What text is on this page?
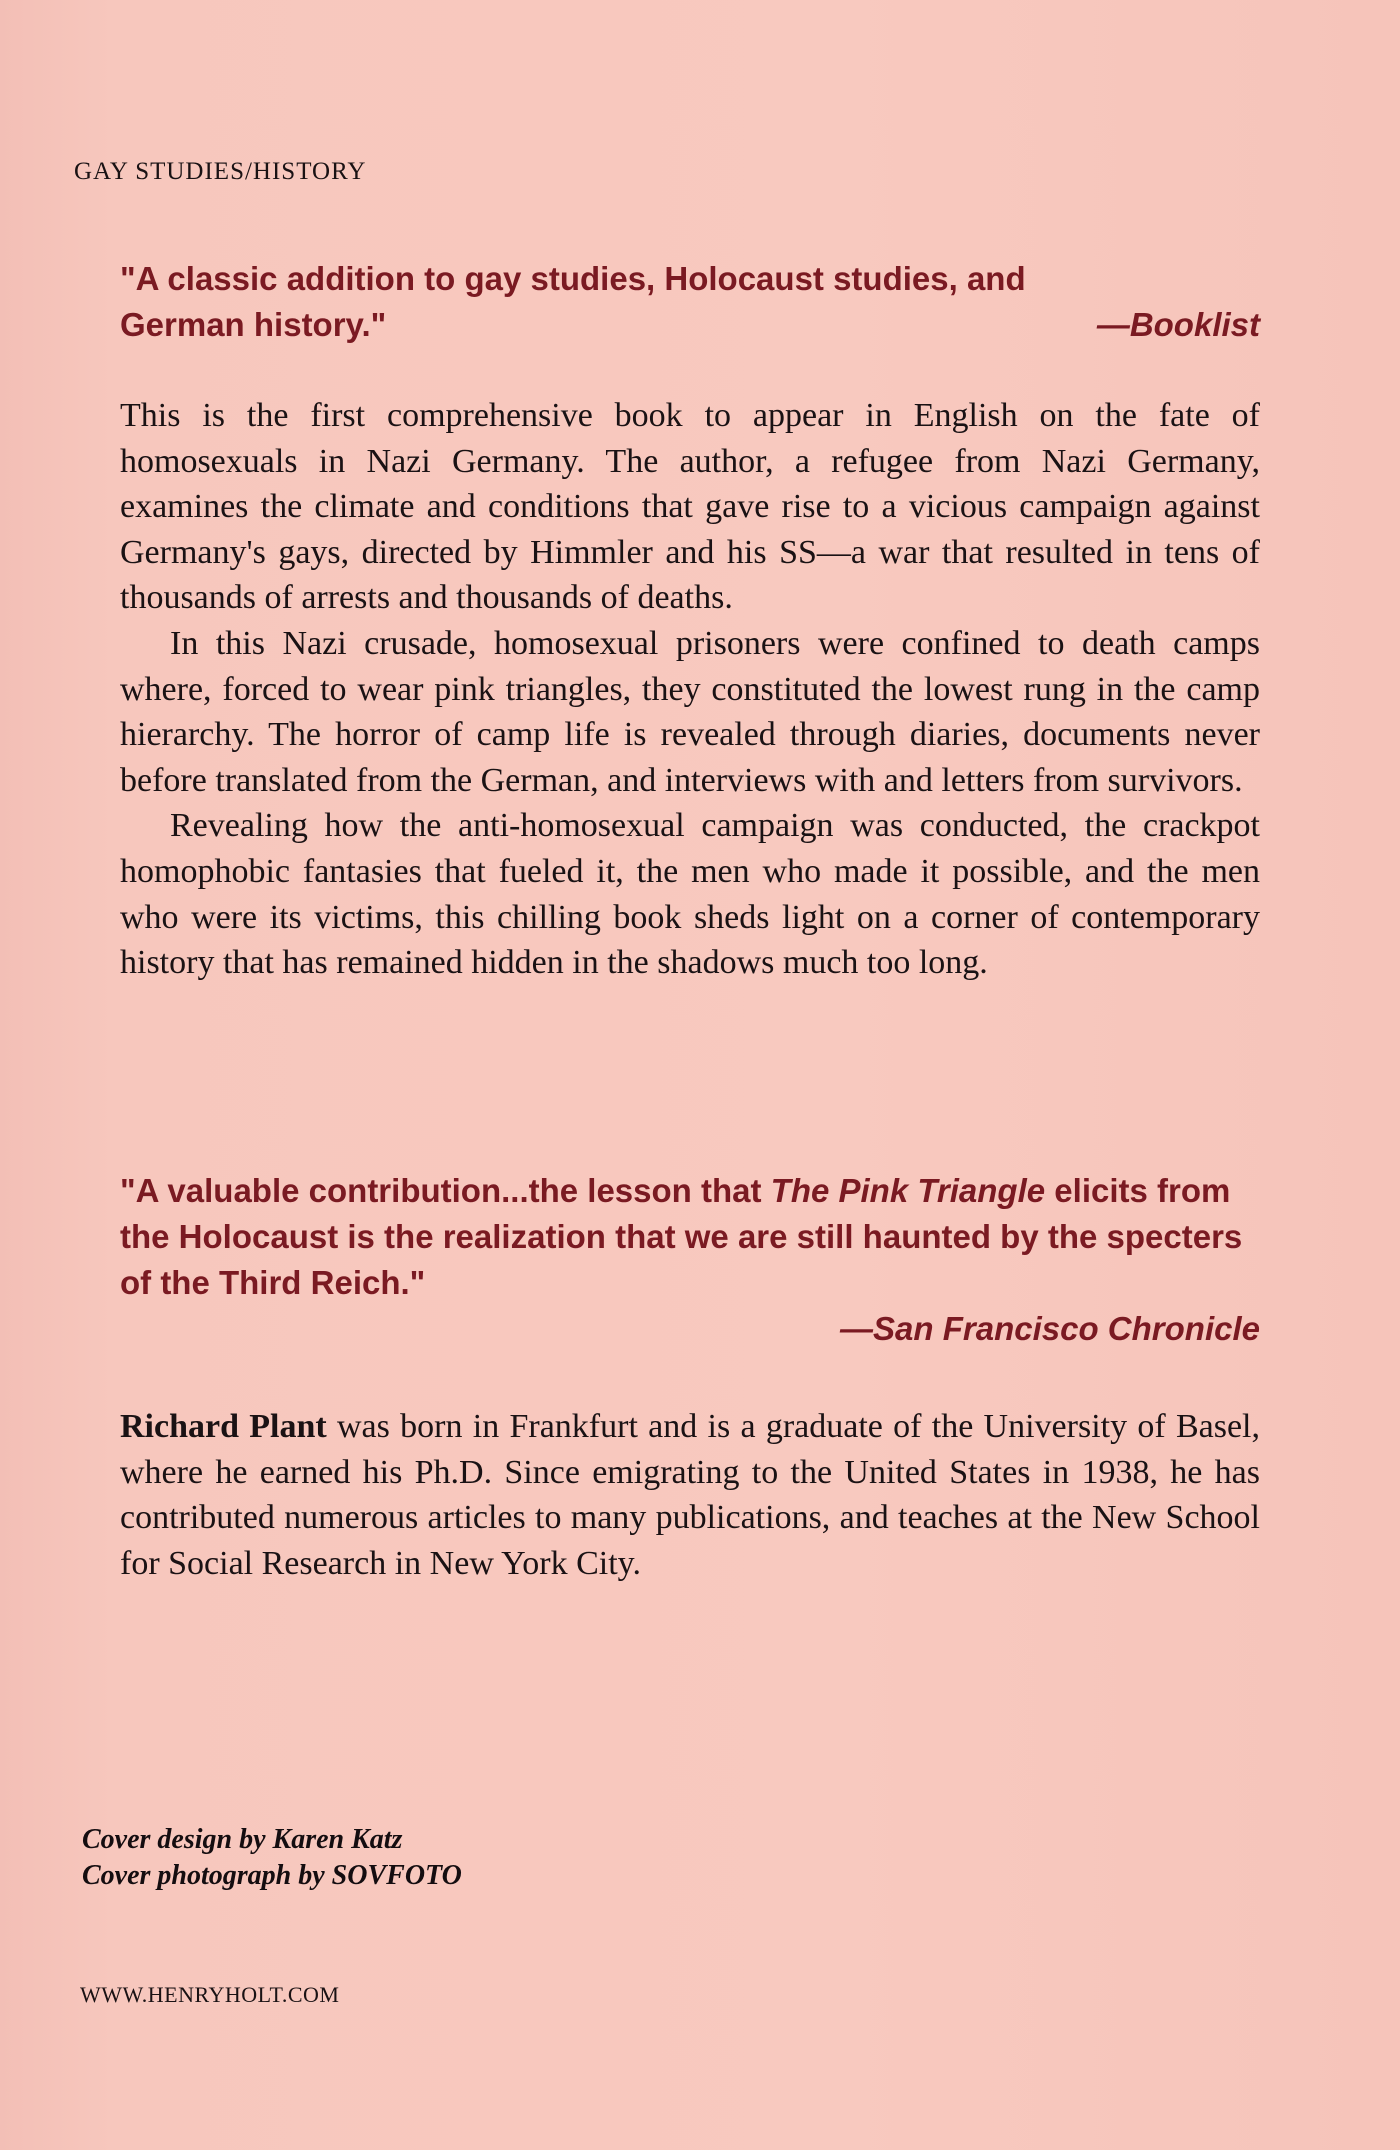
GAY STUDIES/HISTORY
"A classic addition to gay studies, Holocaust studies, and
German history."	—Booklist

This is the first comprehensive book to appear in English on the fate of homosexuals in Nazi Germany. The author, a refugee from Nazi Germany, examines the climate and conditions that gave rise to a vicious campaign against Germany's gays, directed by Himmler and his SS—a war that resulted in tens of thousands of arrests and thousands of deaths.

In this Nazi crusade, homosexual prisoners were confined to death camps where, forced to wear pink triangles, they constituted the lowest rung in the camp hierarchy. The horror of camp life is revealed through diaries, documents never before translated from the German, and interviews with and letters from survivors.

Revealing how the anti-homosexual campaign was conducted, the crackpot homophobic fantasies that fueled it, the men who made it possible, and the men who were its victims, this chilling book sheds light on a corner of contemporary history that has remained hidden in the shadows much too long.

"A valuable contribution...the lesson that The Pink Triangle elicits from the Holocaust is the realization that we are still haunted by the specters of the Third Reich."
—San Francisco Chronicle

Richard Plant was born in Frankfurt and is a graduate of the University of Basel, where he earned his Ph.D. Since emigrating to the United States in 1938, he has contributed numerous articles to many publications, and teaches at the New School for Social Research in New York City.

Cover design by Karen Katz
Cover photograph by SOVFOTO
WWW.HENRYHOLT.COM
